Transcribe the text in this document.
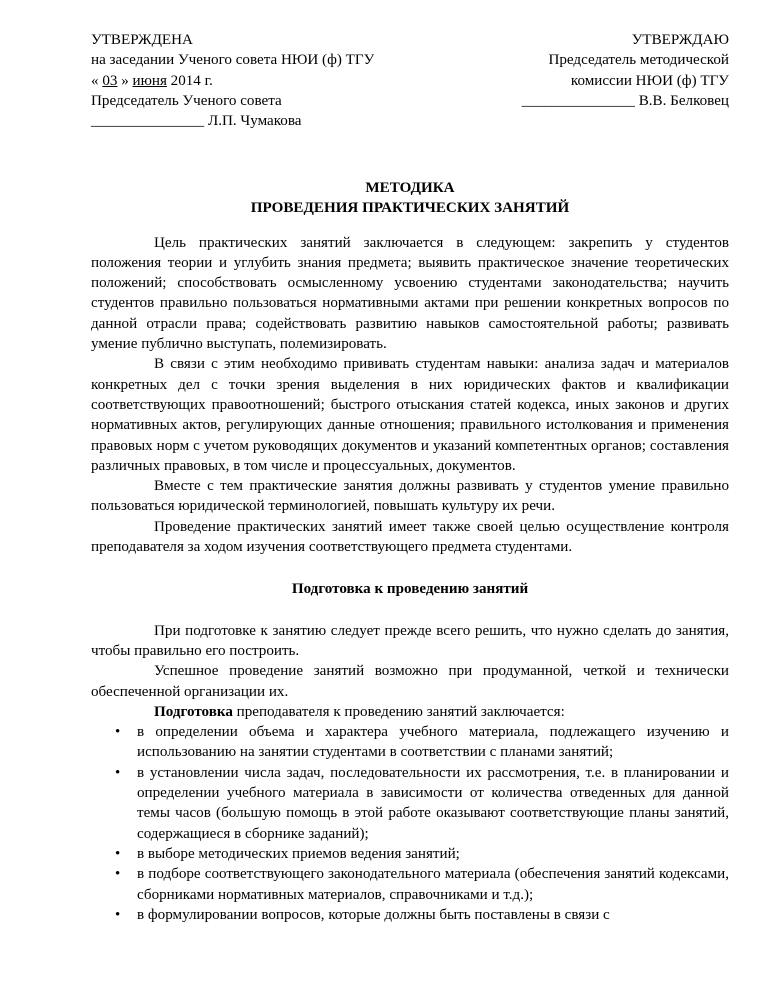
УТВЕРЖДЕНА
на заседании Ученого совета НЮИ (ф) ТГУ
« 03 » июня 2014 г.
Председатель Ученого совета
_______________ Л.П. Чумакова
УТВЕРЖДАЮ
Председатель методической
комиссии НЮИ (ф) ТГУ
_______________ В.В. Белковец
МЕТОДИКА
ПРОВЕДЕНИЯ ПРАКТИЧЕСКИХ ЗАНЯТИЙ

Цель практических занятий заключается в следующем: закрепить у студентов положения теории и углубить знания предмета; выявить практическое значение теоретических положений; способствовать осмысленному усвоению студентами законодательства; научить студентов правильно пользоваться нормативными актами при решении конкретных вопросов по данной отрасли права; содействовать развитию навыков самостоятельной работы; развивать умение публично выступать, полемизировать.

В связи с этим необходимо прививать студентам навыки: анализа задач и материалов конкретных дел с точки зрения выделения в них юридических фактов и квалификации соответствующих правоотношений; быстрого отыскания статей кодекса, иных законов и других нормативных актов, регулирующих данные отношения; правильного истолкования и применения правовых норм с учетом руководящих документов и указаний компетентных органов; составления различных правовых, в том числе и процессуальных, документов.

Вместе с тем практические занятия должны развивать у студентов умение правильно пользоваться юридической терминологией, повышать культуру их речи.

Проведение практических занятий имеет также своей целью осуществление контроля преподавателя за ходом изучения соответствующего предмета студентами.

Подготовка к проведению занятий

При подготовке к занятию следует прежде всего решить, что нужно сделать до занятия, чтобы правильно его построить.

Успешное проведение занятий возможно при продуманной, четкой и технически обеспеченной организации их.

Подготовка преподавателя к проведению занятий заключается:

• в определении объема и характера учебного материала, подлежащего изучению и использованию на занятии студентами в соответствии с планами занятий;
• в установлении числа задач, последовательности их рассмотрения, т.е. в планировании и определении учебного материала в зависимости от количества отведенных для данной темы часов (большую помощь в этой работе оказывают соответствующие планы занятий, содержащиеся в сборнике заданий);
• в выборе методических приемов ведения занятий;
• в подборе соответствующего законодательного материала (обеспечения занятий кодексами, сборниками нормативных материалов, справочниками и т.д.);
• в формулировании вопросов, которые должны быть поставлены в связи с
